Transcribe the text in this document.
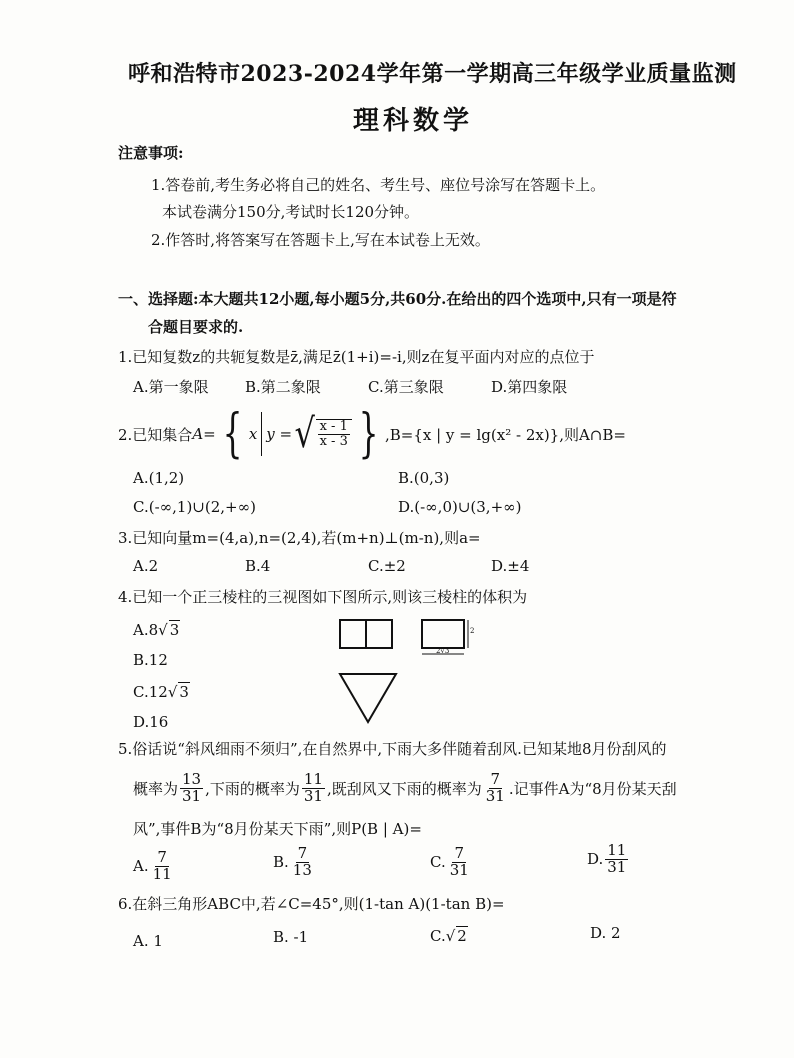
呼和浩特市2023-2024学年第一学期高三年级学业质量监测
理科数学
注意事项:
1.答卷前,考生务必将自己的姓名、考生号、座位号涂写在答题卡上。
本试卷满分150分,考试时长120分钟。
2.作答时,将答案写在答题卡上,写在本试卷上无效。
一、选择题:本大题共12小题,每小题5分,共60分.在给出的四个选项中,只有一项是符
合题目要求的.
1.已知复数z的共轭复数是z̄,满足z̄(1+i)=-i,则z在复平面内对应的点位于
A.第一象限 B.第二象限	C.第三象限	D.第四象限
2.已知集合 A= { x y = √ $\frac{x - 1}{x - 3}$ } ,B={x | y = lg(x² - 2x)},则A∩B=
A.(1,2)	B.(0,3)
C.(-∞,1)∪(2,+∞)	D.(-∞,0)∪(3,+∞)
3.已知向量m=(4,a),n=(2,4),若(m+n)⊥(m-n),则a=
A.2	B.4	C.±2	D.±4
4.已知一个正三棱柱的三视图如下图所示,则该三棱柱的体积为
A.8√ 3
B.12
C.12√ 3
D.16
2
2√3
5.俗话说“斜风细雨不须归”,在自然界中,下雨大多伴随着刮风.已知某地8月份刮风的
概率为 $\frac{13}{31}$ ,下雨的概率为 $\frac{11}{31}$ ,既刮风又下雨的概率为 $\frac{7}{31}$ .记事件A为“8月份某天刮
风”,事件B为“8月份某天下雨”,则P(B | A)=
A. $\frac{7}{11}$	B. $\frac{7}{13}$	C. $\frac{7}{31}$	D. $\frac{11}{31}$
6.在斜三角形ABC中,若∠C=45°,则(1-tan A)(1-tan B)=
A. 1	B. -1	C.√ 2	D. 2
